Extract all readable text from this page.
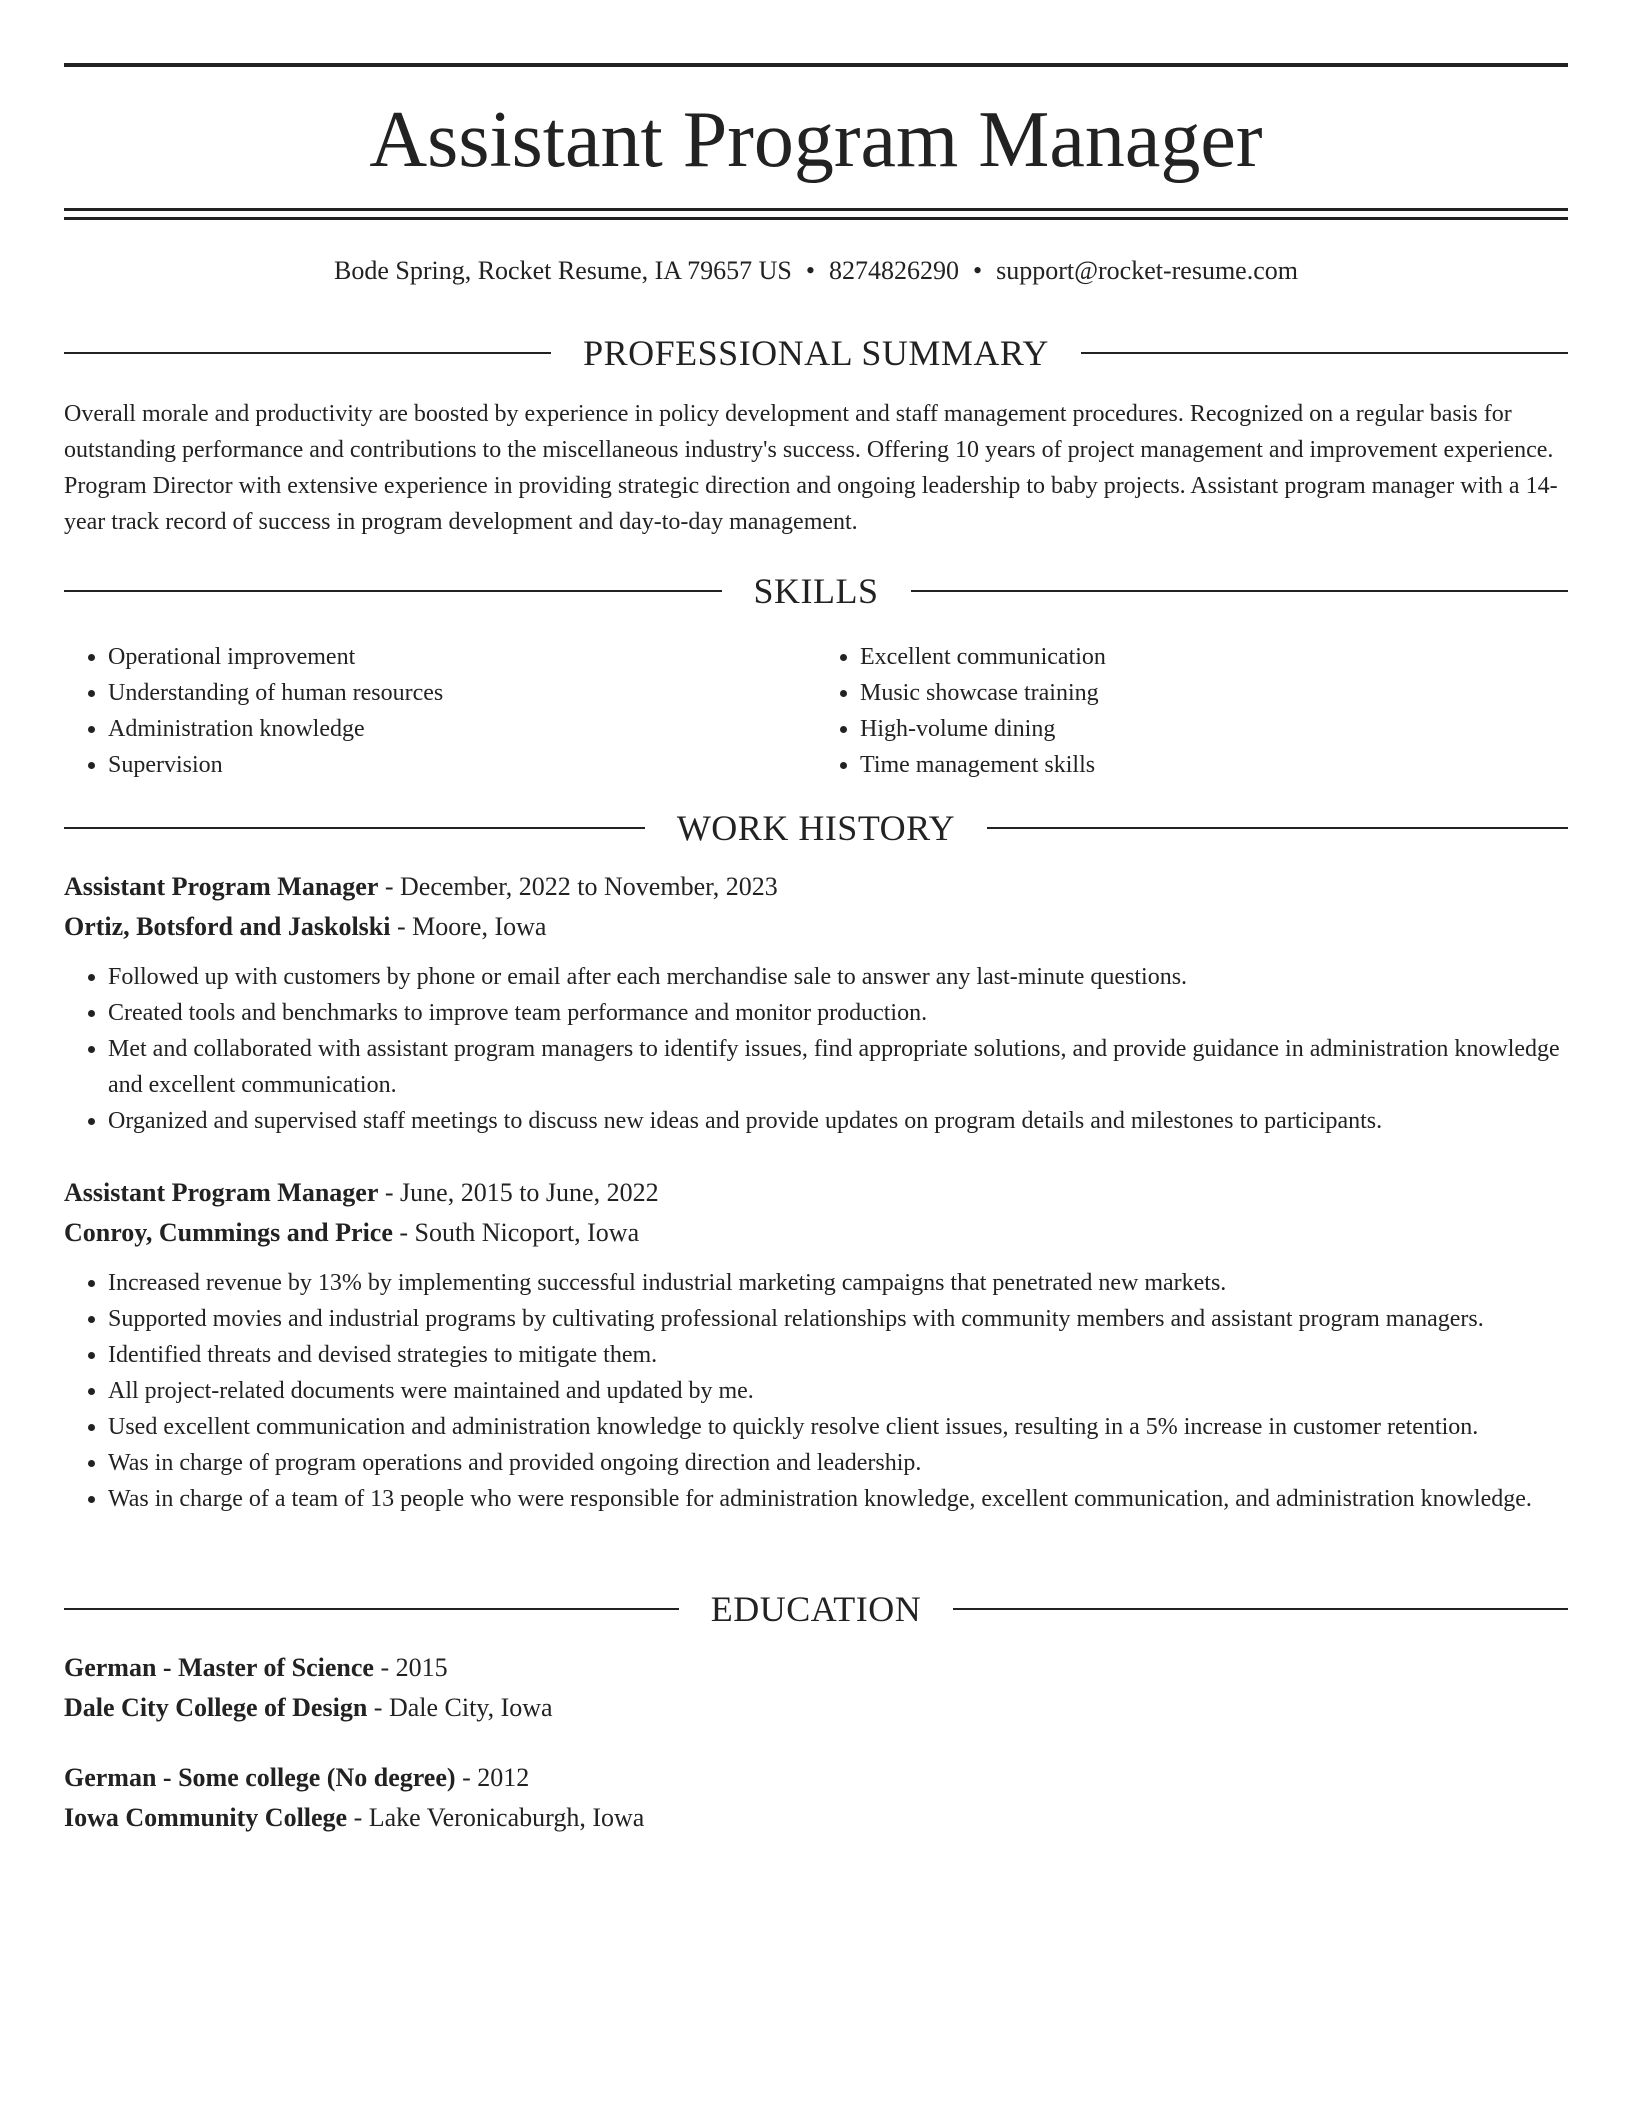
Assistant Program Manager
Bode Spring, Rocket Resume, IA 79657 US • 8274826290 • support@rocket-resume.com
PROFESSIONAL SUMMARY

Overall morale and productivity are boosted by experience in policy development and staff management procedures. Recognized on a regular basis for outstanding performance and contributions to the miscellaneous industry's success. Offering 10 years of project management and improvement experience. Program Director with extensive experience in providing strategic direction and ongoing leadership to baby projects. Assistant program manager with a 14-year track record of success in program development and day-to-day management.

SKILLS
• Operational improvement
• Understanding of human resources
• Administration knowledge
• Supervision
• Excellent communication
• Music showcase training
• High-volume dining
• Time management skills
WORK HISTORY

Assistant Program Manager - December, 2022 to November, 2023

Ortiz, Botsford and Jaskolski - Moore, Iowa

• Followed up with customers by phone or email after each merchandise sale to answer any last-minute questions.
• Created tools and benchmarks to improve team performance and monitor production.
• Met and collaborated with assistant program managers to identify issues, find appropriate solutions, and provide guidance in administration knowledge and excellent communication.
• Organized and supervised staff meetings to discuss new ideas and provide updates on program details and milestones to participants.

Assistant Program Manager - June, 2015 to June, 2022

Conroy, Cummings and Price - South Nicoport, Iowa

• Increased revenue by 13% by implementing successful industrial marketing campaigns that penetrated new markets.
• Supported movies and industrial programs by cultivating professional relationships with community members and assistant program managers.
• Identified threats and devised strategies to mitigate them.
• All project-related documents were maintained and updated by me.
• Used excellent communication and administration knowledge to quickly resolve client issues, resulting in a 5% increase in customer retention.
• Was in charge of program operations and provided ongoing direction and leadership.
• Was in charge of a team of 13 people who were responsible for administration knowledge, excellent communication, and administration knowledge.
EDUCATION

German - Master of Science - 2015

Dale City College of Design - Dale City, Iowa

German - Some college (No degree) - 2012

Iowa Community College - Lake Veronicaburgh, Iowa
